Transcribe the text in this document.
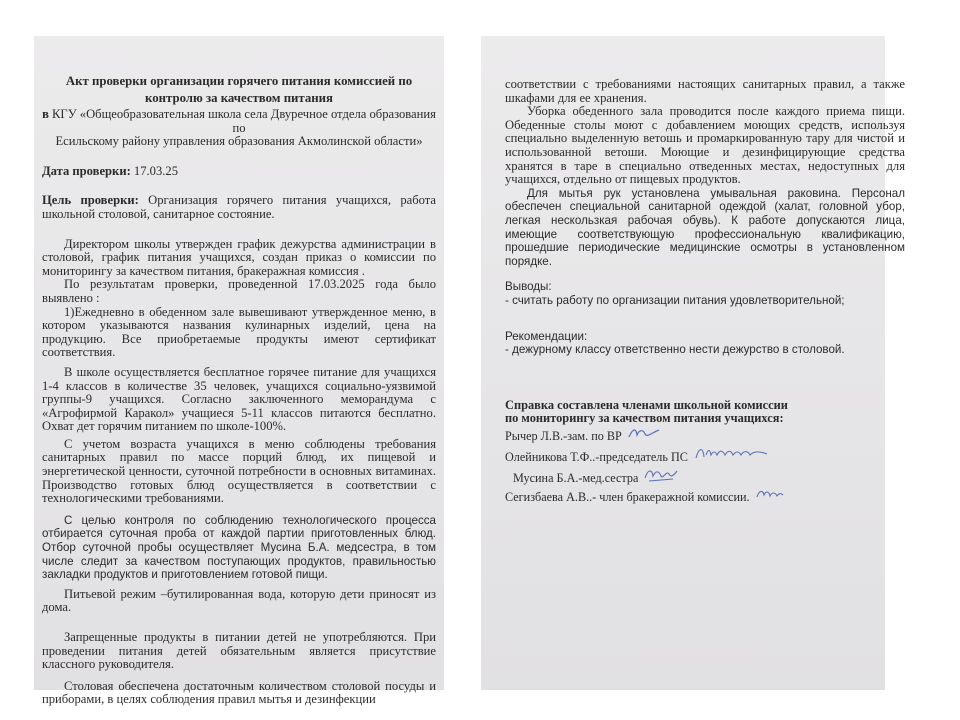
Акт проверки организации горячего питания комиссией по

контролю за качеством питания

в КГУ «Общеобразовательная школа села Двуречное отдела образования по

Есильскому району управления образования Акмолинской области»

Дата проверки: 17.03.25

Цель проверки: Организация горячего питания учащихся, работа школьной столовой, санитарное состояние.

Директором школы утвержден график дежурства администрации в столовой, график питания учащихся, создан приказ о комиссии по мониторингу за качеством питания, бракеражная комиссия .

По результатам проверки, проведенной 17.03.2025 года было выявлено :

1)Ежедневно в обеденном зале вывешивают утвержденное меню, в котором указываются названия кулинарных изделий, цена на продукцию. Все приобретаемые продукты имеют сертификат соответствия.

В школе осуществляется бесплатное горячее питание для учащихся 1-4 классов в количестве 35 человек, учащихся социально-уязвимой группы-9 учащихся. Согласно заключенного меморандума с «Агрофирмой Каракол» учащиеся 5-11 классов питаются бесплатно. Охват дет горячим питанием по школе-100%.

С учетом возраста учащихся в меню соблюдены требования санитарных правил по массе порций блюд, их пищевой и энергетической ценности, суточной потребности в основных витаминах. Производство готовых блюд осуществляется в соответствии с технологическими требованиями.

С целью контроля по соблюдению технологического процесса отбирается суточная проба от каждой партии приготовленных блюд. Отбор суточной пробы осуществляет Мусина Б.А. медсестра, в том числе следит за качеством поступающих продуктов, правильностью закладки продуктов и приготовлением готовой пищи.

Питьевой режим –бутилированная вода, которую дети приносят из дома.

Запрещенные продукты в питании детей не употребляются. При проведении питания детей обязательным является присутствие классного руководителя.

Столовая обеспечена достаточным количеством столовой посуды и приборами, в целях соблюдения правил мытья и дезинфекции

соответствии с требованиями настоящих санитарных правил, а также шкафами для ее хранения.

Уборка обеденного зала проводится после каждого приема пищи. Обеденные столы моют с добавлением моющих средств, используя специально выделенную ветошь и промаркированную тару для чистой и использованной ветоши. Моющие и дезинфицирующие средства хранятся в таре в специально отведенных местах, недоступных для учащихся, отдельно от пищевых продуктов.

Для мытья рук установлена умывальная раковина. Персонал обеспечен специальной санитарной одеждой (халат, головной убор, легкая нескользкая рабочая обувь). К работе допускаются лица, имеющие соответствующую профессиональную квалификацию, прошедшие периодические медицинские осмотры в установленном порядке.

Выводы:

- считать работу по организации питания удовлетворительной;

Рекомендации:

- дежурному классу ответственно нести дежурство в столовой.

Справка составлена членами школьной комиссии

по мониторингу за качеством питания учащихся:

Рычер Л.В.-зам. по ВР

Олейникова Т.Ф..-председатель ПС

Мусина Б.А.-мед.сестра

Сегизбаева А.В..- член бракеражной комиссии.
